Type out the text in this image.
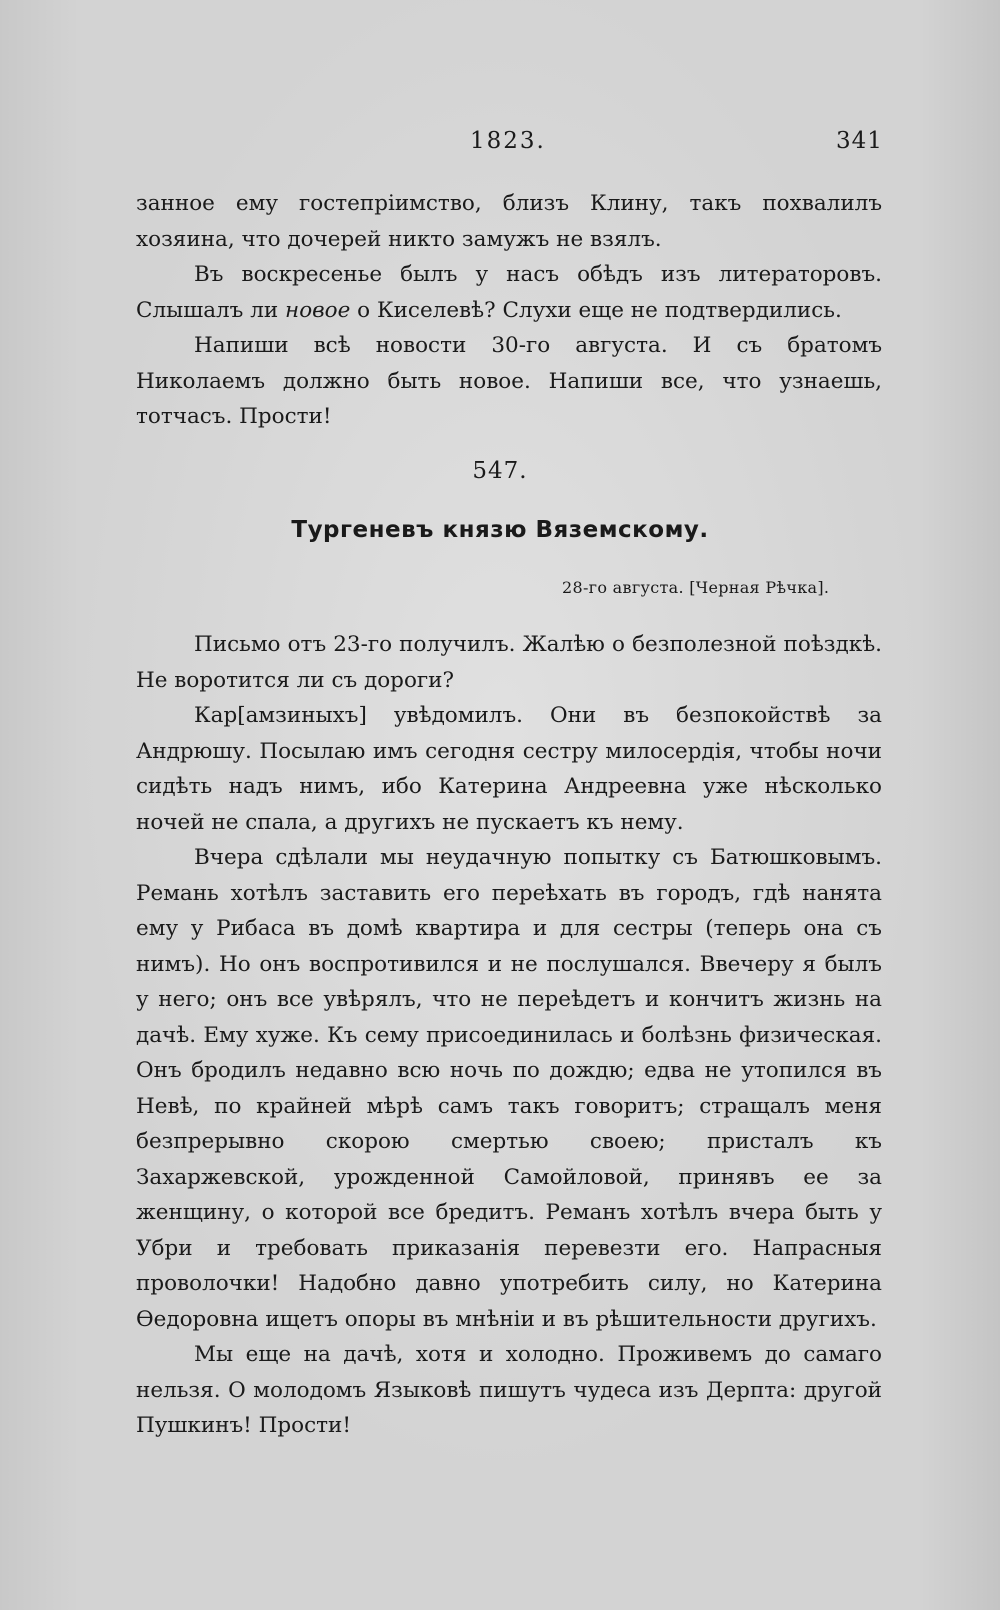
1823.	341

занное ему гостепріимство, близъ Клину, такъ похвалилъ хозяина, что дочерей никто замужъ не взялъ.

Въ воскресенье былъ у насъ обѣдъ изъ литераторовъ. Слышалъ ли новое о Киселевѣ? Слухи еще не подтвердились.

Напиши всѣ новости 30-го августа. И съ братомъ Николаемъ должно быть новое. Напиши все, что узнаешь, тотчасъ. Прости!

547.
Тургеневъ князю Вяземскому.
28-го августа. [Черная Рѣчка].

Письмо отъ 23-го получилъ. Жалѣю о безполезной поѣздкѣ. Не воротится ли съ дороги?

Кар[амзиныхъ] увѣдомилъ. Они въ безпокойствѣ за Андрюшу. Посылаю имъ сегодня сестру милосердія, чтобы ночи сидѣть надъ нимъ, ибо Катерина Андреевна уже нѣсколько ночей не спала, а другихъ не пускаетъ къ нему.

Вчера сдѣлали мы неудачную попытку съ Батюшковымъ. Ремань хотѣлъ заставить его переѣхать въ городъ, гдѣ нанята ему у Рибаса въ домѣ квартира и для сестры (теперь она съ нимъ). Но онъ воспротивился и не послушался. Ввечеру я былъ у него; онъ все увѣрялъ, что не переѣдетъ и кончитъ жизнь на дачѣ. Ему хуже. Къ сему присоединилась и болѣзнь физическая. Онъ бродилъ недавно всю ночь по дождю; едва не утопился въ Невѣ, по крайней мѣрѣ самъ такъ говоритъ; стращалъ меня безпрерывно скорою смертью своею; присталъ къ Захаржевской, урожденной Самойловой, принявъ ее за женщину, о которой все бредитъ. Реманъ хотѣлъ вчера быть у Убри и требовать приказанія перевезти его. Напрасныя проволочки! Надобно давно употребить силу, но Катерина Ѳедоровна ищетъ опоры въ мнѣніи и въ рѣшительности другихъ.

Мы еще на дачѣ, хотя и холодно. Проживемъ до самаго нельзя. О молодомъ Языковѣ пишутъ чудеса изъ Дерпта: другой Пушкинъ! Прости!
